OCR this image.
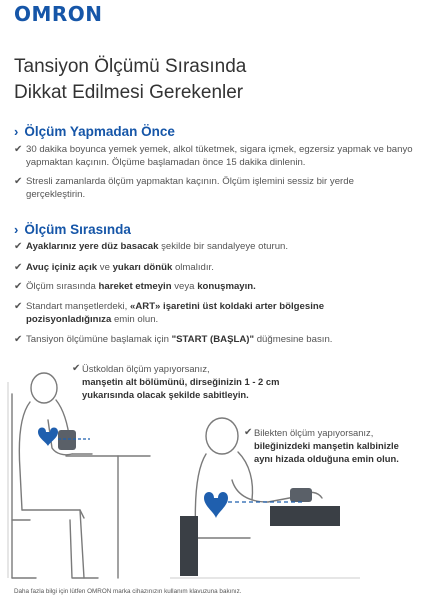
OMRON
Tansiyon Ölçümü Sırasında
Dikkat Edilmesi Gerekenler
› Ölçüm Yapmadan Önce
✔ 30 dakika boyunca yemek yemek, alkol tüketmek, sigara içmek, egzersiz yapmak ve banyo yapmaktan kaçının. Ölçüme başlamadan önce 15 dakika dinlenin.
✔ Stresli zamanlarda ölçüm yapmaktan kaçının. Ölçüm işlemini sessiz bir yerde gerçekleştirin.
› Ölçüm Sırasında
✔ Ayaklarınız yere düz basacak şekilde bir sandalyeye oturun.
✔ Avuç içiniz açık ve yukarı dönük olmalıdır.
✔ Ölçüm sırasında hareket etmeyin veya konuşmayın.
✔ Standart manşetlerdeki, «ART» işaretini üst koldaki arter bölgesine pozisyonladığınıza emin olun.
✔ Tansiyon ölçümüne başlamak için "START (BAŞLA)" düğmesine basın.
✔ Üstkoldan ölçüm yapıyorsanız,
manşetin alt bölümünü, dirseğinizin 1 - 2 cm yukarısında olacak şekilde sabitleyin.
✔ Bilekten ölçüm yapıyorsanız,
bileğinizdeki manşetin kalbinizle aynı hizada olduğuna emin olun.
Daha fazla bilgi için lütfen OMRON marka cihazınızın kullanım klavuzuna bakınız.
